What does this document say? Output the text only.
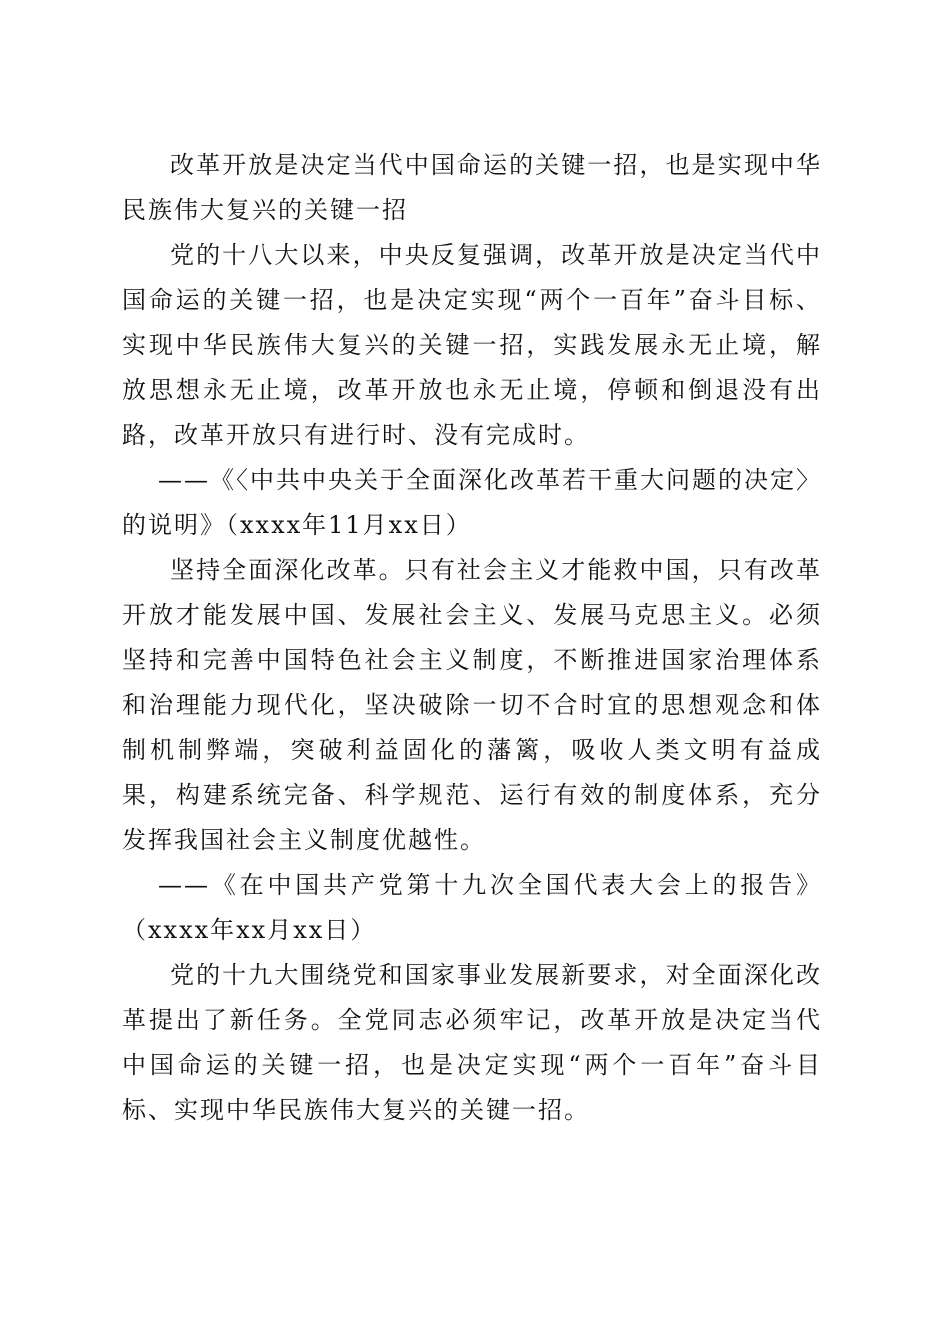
改革开放是决定当代中国命运的关键一招，也是实现中华民族伟大复兴的关键一招

党的十八大以来，中央反复强调，改革开放是决定当代中国命运的关键一招，也是决定实现“两个一百年”奋斗目标、实现中华民族伟大复兴的关键一招，实践发展永无止境，解放思想永无止境，改革开放也永无止境，停顿和倒退没有出路，改革开放只有进行时、没有完成时。

——《〈中共中央关于全面深化改革若干重大问题的决定〉的说明》（xxxx年11月xx日）

坚持全面深化改革。只有社会主义才能救中国，只有改革开放才能发展中国、发展社会主义、发展马克思主义。必须坚持和完善中国特色社会主义制度，不断推进国家治理体系和治理能力现代化，坚决破除一切不合时宜的思想观念和体制机制弊端，突破利益固化的藩篱，吸收人类文明有益成果，构建系统完备、科学规范、运行有效的制度体系，充分发挥我国社会主义制度优越性。

——《在中国共产党第十九次全国代表大会上的报告》（xxxx年xx月xx日）

党的十九大围绕党和国家事业发展新要求，对全面深化改革提出了新任务。全党同志必须牢记，改革开放是决定当代中国命运的关键一招，也是决定实现“两个一百年”奋斗目标、实现中华民族伟大复兴的关键一招。
